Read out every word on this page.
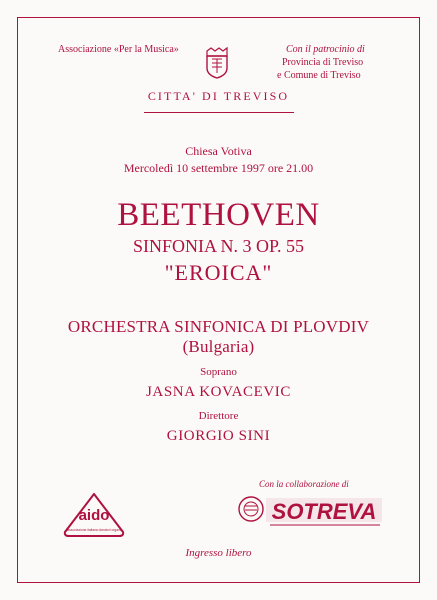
Associazione «Per la Musica»	Con il patrocinio di
Provincia di Treviso
e Comune di Treviso
CITTA' DI TREVISO
Chiesa Votiva
Mercoledì 10 settembre 1997 ore 21.00
BEETHOVEN
SINFONIA N. 3 OP. 55
"EROICA"
ORCHESTRA SINFONICA DI PLOVDIV
(Bulgaria)
Soprano
JASNA KOVACEVIC
Direttore
GIORGIO SINI
aido
associazione italiana donatori organi
Con la collaborazione di
SOTREVA
Ingresso libero
